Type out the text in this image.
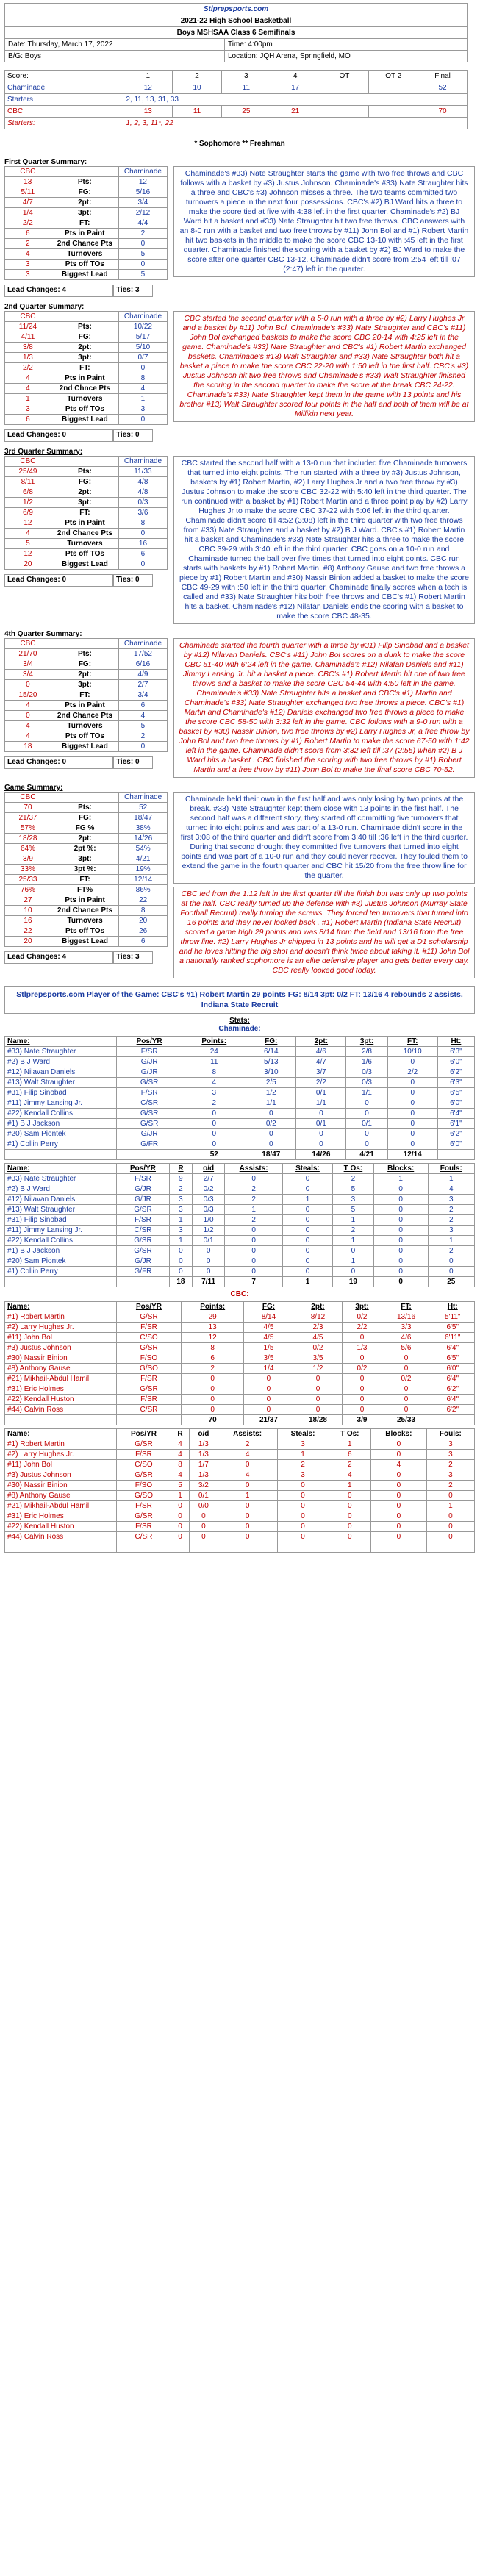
Stlprepsports.com	
2021-22 High School Basketball	
Boys MSHSAA Class 6 Semifinals	
Date: Thursday, March 17, 2022	Time: 4:00pm
B/G: Boys	Location: JQH Arena, Springfield, MO
Score:	1	2	3	4	OT	OT 2	Final
Chaminade	12	10	11	17			52
Starters	2, 11, 13, 31, 33						
CBC	13	11	25	21			70
Starters:	1, 2, 3, 11*, 22						
* Sophomore ** Freshman
First Quarter Summary:
CBC		Chaminade
13	Pts:	12
5/11	FG:	5/16
4/7	2pt:	3/4
1/4	3pt:	2/12
2/2	FT:	4/4
6	Pts in Paint	2
2	2nd Chance Pts	0
4	Turnovers	5
3	Pts off TOs	0
3	Biggest Lead	5
Lead Changes: 4	Ties: 3
Chaminade's #33) Nate Straughter starts the game with two free throws and CBC follows with a basket by #3) Justus Johnson. Chaminade's #33) Nate Straughter hits a three and CBC's #3) Johnson misses a three. The two teams committed two turnovers a piece in the next four possessions. CBC's #2) BJ Ward hits a three to make the score tied at five with 4:38 left in the first quarter. Chaminade's #2) BJ Ward hit a basket and #33) Nate Straughter hit two free throws. CBC answers with an 8-0 run with a basket and two free throws by #11) John Bol and #1) Robert Martin hit two baskets in the middle to make the score CBC 13-10 with :45 left in the first quarter. Chaminade finished the scoring with a basket by #2) BJ Ward to make the score after one quarter CBC 13-12. Chaminade didn't score from 2:54 left till :07 (2:47) left in the quarter.
2nd Quarter Summary:
CBC		Chaminade
11/24	Pts:	10/22
4/11	FG:	5/17
3/8	2pt:	5/10
1/3	3pt:	0/7
2/2	FT:	0
4	Pts in Paint	8
4	2nd Chnce Pts	4
1	Turnovers	1
3	Pts off TOs	3
6	Biggest Lead	0
Lead Changes: 0	Ties: 0
CBC started the second quarter with a 5-0 run with a three by #2) Larry Hughes Jr and a basket by #11) John Bol. Chaminade's #33) Nate Straughter and CBC's #11) John Bol exchanged baskets to make the score CBC 20-14 with 4:25 left in the game. Chaminade's #33) Nate Straughter and CBC's #1) Robert Martin exchanged baskets. Chaminade's #13) Walt Straughter and #33) Nate Straughter both hit a basket a piece to make the score CBC 22-20 with 1:50 left in the first half. CBC's #3) Justus Johnson hit two free throws and Chaminade's #33) Walt Straughter finished the scoring in the second quarter to make the score at the break CBC 24-22. Chaminade's #33) Nate Straughter kept them in the game with 13 points and his brother #13) Walt Straughter scored four points in the half and both of them will be at Millikin next year.
3rd Quarter Summary:
CBC		Chaminade
25/49	Pts:	11/33
8/11	FG:	4/8
6/8	2pt:	4/8
1/2	3pt:	0/3
6/9	FT:	3/6
12	Pts in Paint	8
4	2nd Chance Pts	0
5	Turnovers	16
12	Pts off TOs	6
20	Biggest Lead	0
Lead Changes: 0	Ties: 0
CBC started the second half with a 13-0 run that included five Chaminade turnovers that turned into eight points. The run started with a three by #3) Justus Johnson, baskets by #1) Robert Martin, #2) Larry Hughes Jr and a two free throw by #3) Justus Johnson to make the score CBC 32-22 with 5:40 left in the third quarter. The run continued with a basket by #1) Robert Martin and a three point play by #2) Larry Hughes Jr to make the score CBC 37-22 with 5:06 left in the third quarter. Chaminade didn't score till 4:52 (3:08) left in the third quarter with two free throws from #33) Nate Straughter and a basket by #2) B J Ward. CBC's #1) Robert Martin hit a basket and Chaminade's #33) Nate Straughter hits a three to make the score CBC 39-29 with 3:40 left in the third quarter. CBC goes on a 10-0 run and Chaminade turned the ball over five times that turned into eight points. CBC run starts with baskets by #1) Robert Martin, #8) Anthony Gause and two free throws a piece by #1) Robert Martin and #30) Nassir Binion added a basket to make the score CBC 49-29 with :50 left in the third quarter. Chaminade finally scores when a tech is called and #33) Nate Straughter hits both free throws and CBC's #1) Robert Martin hits a basket. Chaminade's #12) Nilafan Daniels ends the scoring with a basket to make the score CBC 48-35.
4th Quarter Summary:
CBC		Chaminade
21/70	Pts:	17/52
3/4	FG:	6/16
3/4	2pt:	4/9
0	3pt:	2/7
15/20	FT:	3/4
4	Pts in Paint	6
0	2nd Chance Pts	4
4	Turnovers	5
4	Pts off TOs	2
18	Biggest Lead	0
Lead Changes: 0	Ties: 0
Chaminade started the fourth quarter with a three by #31) Filip Sinobad and a basket by #12) Nilavan Daniels. CBC's #11) John Bol scores on a dunk to make the score CBC 51-40 with 6:24 left in the game. Chaminade's #12) Nilafan Daniels and #11) Jimmy Lansing Jr. hit a basket a piece. CBC's #1) Robert Martin hit one of two free throws and a basket to make the score CBC 54-44 with 4:50 left in the game. Chaminade's #33) Nate Straughter hits a basket and CBC's #1) Martin and Chaminade's #33) Nate Straughter exchanged two free throws a piece. CBC's #1) Martin and Chaminade's #12) Daniels exchanged two free throws a piece to make the score CBC 58-50 with 3:32 left in the game. CBC follows with a 9-0 run with a basket by #30) Nassir Binion, two free throws by #2) Larry Hughes Jr, a free throw by John Bol and two free throws by #1) Robert Martin to make the score 67-50 with 1:42 left in the game. Chaminade didn't score from 3:32 left till :37 (2:55) when #2) B J Ward hits a basket . CBC finished the scoring with two free throws by #1) Robert Martin and a free throw by #11) John Bol to make the final score CBC 70-52.
Game Summary:
CBC		Chaminade
70	Pts:	52
21/37	FG:	18/47
57%	FG %	38%
18/28	2pt:	14/26
64%	2pt %:	54%
3/9	3pt:	4/21
33%	3pt %:	19%
25/33	FT:	12/14
76%	FT%	86%
27	Pts in Paint	22
10	2nd Chance Pts	8
16	Turnovers	20
22	Pts off TOs	26
20	Biggest Lead	6
Lead Changes: 4	Ties: 3
Chaminade held their own in the first half and was only losing by two points at the break. #33) Nate Straughter kept them close with 13 points in the first half. The second half was a different story, they started off committing five turnovers that turned into eight points and was part of a 13-0 run. Chaminade didn't score in the first 3:08 of the third quarter and didn't score from 3:40 till :36 left in the third quarter. During that second drought they committed five turnovers that turned into eight points and was part of a 10-0 run and they could never recover. They fouled them to extend the game in the fourth quarter and CBC hit 15/20 from the free throw line for the quarter.
CBC led from the 1:12 left in the first quarter till the finish but was only up two points at the half. CBC really turned up the defense with #3) Justus Johnson (Murray State Football Recruit) really turning the screws. They forced ten turnovers that turned into 16 points and they never looked back . #1) Robert Martin (Indiana State Recruit) scored a game high 29 points and was 8/14 from the field and 13/16 from the free throw line. #2) Larry Hughes Jr chipped in 13 points and he will get a D1 scholarship and he loves hitting the big shot and doesn't think twice about taking it. #11) John Bol a nationally ranked sophomore is an elite defensive player and gets better every day. CBC really looked good today.
Stlprepsports.com Player of the Game: CBC's #1) Robert Martin 29 points FG: 8/14 3pt: 0/2 FT: 13/16 4 rebounds 2 assists. Indiana State Recruit
Stats:
Chaminade:
Name:	Pos/YR	Points:	FG:	2pt:	3pt:	FT:	Ht:
#33) Nate Straughter	F/SR	24	6/14	4/6	2/8	10/10	6'3"
#2) B J Ward	G/JR	11	5/13	4/7	1/6	0	6'0"
#12) Nilavan Daniels	G/JR	8	3/10	3/7	0/3	2/2	6'2"
#13) Walt Straughter	G/SR	4	2/5	2/2	0/3	0	6'3"
#31) Filip Sinobad	F/SR	3	1/2	0/1	1/1	0	6'5"
#11) Jimmy Lansing Jr.	C/SR	2	1/1	1/1	0	0	6'0"
#22) Kendall Collins	G/SR	0	0	0	0	0	6'4"
#1) B J Jackson	G/SR	0	0/2	0/1	0/1	0	6'1"
#20) Sam Piontek	G/JR	0	0	0	0	0	6'2"
#1) Collin Perry	G/FR	0	0	0	0	0	6'0"
		52	18/47	14/26	4/21	12/14	
Name:	Pos/YR	R	o/d	Assists:	Steals:	T Os:	Blocks:	Fouls:
#33) Nate Straughter	F/SR	9	2/7	0	0	2	1	1
#2) B J Ward	G/JR	2	0/2	2	0	5	0	4
#12) Nilavan Daniels	G/JR	3	0/3	2	1	3	0	3
#13) Walt Straughter	G/SR	3	0/3	1	0	5	0	2
#31) Filip Sinobad	F/SR	1	1/0	2	0	1	0	2
#11) Jimmy Lansing Jr.	C/SR	3	1/2	0	0	2	0	3
#22) Kendall Collins	G/SR	1	0/1	0	0	1	0	1
#1) B J Jackson	G/SR	0	0	0	0	0	0	2
#20) Sam Piontek	G/JR	0	0	0	0	1	0	0
#1) Collin Perry	G/FR	0	0	0	0	0	0	0
		18	7/11	7	1	19	0	25
CBC:
Name:	Pos/YR	Points:	FG:	2pt:	3pt:	FT:	Ht:
#1) Robert Martin	G/SR	29	8/14	8/12	0/2	13/16	5'11"
#2) Larry Hughes Jr.	F/SR	13	4/5	2/3	2/2	3/3	6'5"
#11) John Bol	C/SO	12	4/5	4/5	0	4/6	6'11"
#3) Justus Johnson	G/SR	8	1/5	0/2	1/3	5/6	6'4"
#30) Nassir Binion	F/SO	6	3/5	3/5	0	0	6'5"
#8) Anthony Gause	G/SO	2	1/4	1/2	0/2	0	6'0"
#21) Mikhail-Abdul Hamil	F/SR	0	0	0	0	0/2	6'4"
#31) Eric Holmes	G/SR	0	0	0	0	0	6'2"
#22) Kendall Huston	F/SR	0	0	0	0	0	6'4"
#44) Calvin Ross	C/SR	0	0	0	0	0	6'2"
		70	21/37	18/28	3/9	25/33	
Name:	Pos/YR	R	o/d	Assists:	Steals:	T Os:	Blocks:	Fouls:
#1) Robert Martin	G/SR	4	1/3	2	3	1	0	3
#2) Larry Hughes Jr.	F/SR	4	1/3	4	1	6	0	3
#11) John Bol	C/SO	8	1/7	0	2	2	4	2
#3) Justus Johnson	G/SR	4	1/3	4	3	4	0	3
#30) Nassir Binion	F/SO	5	3/2	0	0	1	0	2
#8) Anthony Gause	G/SO	1	0/1	1	0	0	0	0
#21) Mikhail-Abdul Hamil	F/SR	0	0/0	0	0	0	0	1
#31) Eric Holmes	G/SR	0	0	0	0	0	0	0
#22) Kendall Huston	F/SR	0	0	0	0	0	0	0
#44) Calvin Ross	C/SR	0	0	0	0	0	0	0
